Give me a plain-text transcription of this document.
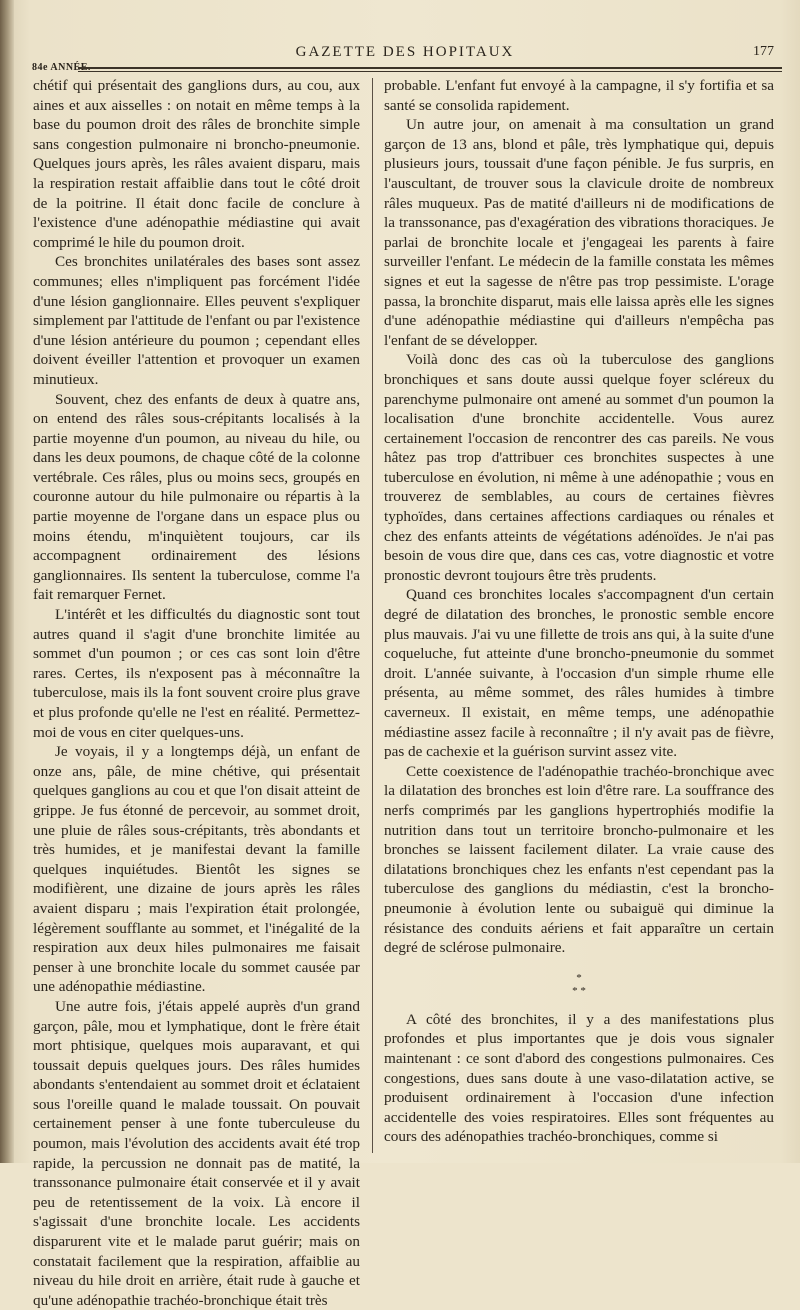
GAZETTE DES HOPITAUX	177
84e ANNÉE.

chétif qui présentait des ganglions durs, au cou, aux aines et aux aisselles : on notait en même temps à la base du poumon droit des râles de bronchite simple sans congestion pulmonaire ni broncho-pneumonie. Quelques jours après, les râles avaient disparu, mais la respiration restait affaiblie dans tout le côté droit de la poitrine. Il était donc facile de conclure à l'existence d'une adénopathie médiastine qui avait comprimé le hile du poumon droit.

Ces bronchites unilatérales des bases sont assez communes; elles n'impliquent pas forcément l'idée d'une lésion ganglionnaire. Elles peuvent s'expliquer simplement par l'attitude de l'enfant ou par l'existence d'une lésion antérieure du poumon ; cependant elles doivent éveiller l'attention et provoquer un examen minutieux.

Souvent, chez des enfants de deux à quatre ans, on entend des râles sous-crépitants localisés à la partie moyenne d'un poumon, au niveau du hile, ou dans les deux poumons, de chaque côté de la colonne vertébrale. Ces râles, plus ou moins secs, groupés en couronne autour du hile pulmonaire ou répartis à la partie moyenne de l'organe dans un espace plus ou moins étendu, m'inquiètent toujours, car ils accompagnent ordinairement des lésions ganglionnaires. Ils sentent la tuberculose, comme l'a fait remarquer Fernet.

L'intérêt et les difficultés du diagnostic sont tout autres quand il s'agit d'une bronchite limitée au sommet d'un poumon ; or ces cas sont loin d'être rares. Certes, ils n'exposent pas à méconnaître la tuberculose, mais ils la font souvent croire plus grave et plus profonde qu'elle ne l'est en réalité. Permettez-moi de vous en citer quelques-uns.

Je voyais, il y a longtemps déjà, un enfant de onze ans, pâle, de mine chétive, qui présentait quelques ganglions au cou et que l'on disait atteint de grippe. Je fus étonné de percevoir, au sommet droit, une pluie de râles sous-crépitants, très abondants et très humides, et je manifestai devant la famille quelques inquiétudes. Bientôt les signes se modifièrent, une dizaine de jours après les râles avaient disparu ; mais l'expiration était prolongée, légèrement soufflante au sommet, et l'inégalité de la respiration aux deux hiles pulmonaires me faisait penser à une bronchite locale du sommet causée par une adénopathie médiastine.

Une autre fois, j'étais appelé auprès d'un grand garçon, pâle, mou et lymphatique, dont le frère était mort phtisique, quelques mois auparavant, et qui toussait depuis quelques jours. Des râles humides abondants s'entendaient au sommet droit et éclataient sous l'oreille quand le malade toussait. On pouvait certainement penser à une fonte tuberculeuse du poumon, mais l'évolution des accidents avait été trop rapide, la percussion ne donnait pas de matité, la transsonance pulmonaire était conservée et il y avait peu de retentissement de la voix. Là encore il s'agissait d'une bronchite locale. Les accidents disparurent vite et le malade parut guérir; mais on constatait facilement que la respiration, affaiblie au niveau du hile droit en arrière, était rude à gauche et qu'une adénopathie trachéo-bronchique était très

probable. L'enfant fut envoyé à la campagne, il s'y fortifia et sa santé se consolida rapidement.

Un autre jour, on amenait à ma consultation un grand garçon de 13 ans, blond et pâle, très lymphatique qui, depuis plusieurs jours, toussait d'une façon pénible. Je fus surpris, en l'auscultant, de trouver sous la clavicule droite de nombreux râles muqueux. Pas de matité d'ailleurs ni de modifications de la transsonance, pas d'exagération des vibrations thoraciques. Je parlai de bronchite locale et j'engageai les parents à faire surveiller l'enfant. Le médecin de la famille constata les mêmes signes et eut la sagesse de n'être pas trop pessimiste. L'orage passa, la bronchite disparut, mais elle laissa après elle les signes d'une adénopathie médiastine qui d'ailleurs n'empêcha pas l'enfant de se développer.

Voilà donc des cas où la tuberculose des ganglions bronchiques et sans doute aussi quelque foyer scléreux du parenchyme pulmonaire ont amené au sommet d'un poumon la localisation d'une bronchite accidentelle. Vous aurez certainement l'occasion de rencontrer des cas pareils. Ne vous hâtez pas trop d'attribuer ces bronchites suspectes à une tuberculose en évolution, ni même à une adénopathie ; vous en trouverez de semblables, au cours de certaines fièvres typhoïdes, dans certaines affections cardiaques ou rénales et chez des enfants atteints de végétations adénoïdes. Je n'ai pas besoin de vous dire que, dans ces cas, votre diagnostic et votre pronostic devront toujours être très prudents.

Quand ces bronchites locales s'accompagnent d'un certain degré de dilatation des bronches, le pronostic semble encore plus mauvais. J'ai vu une fillette de trois ans qui, à la suite d'une coqueluche, fut atteinte d'une broncho-pneumonie du sommet droit. L'année suivante, à l'occasion d'un simple rhume elle présenta, au même sommet, des râles humides à timbre caverneux. Il existait, en même temps, une adénopathie médiastine assez facile à reconnaître ; il n'y avait pas de fièvre, pas de cachexie et la guérison survint assez vite.

Cette coexistence de l'adénopathie trachéo-bronchique avec la dilatation des bronches est loin d'être rare. La souffrance des nerfs comprimés par les ganglions hypertrophiés modifie la nutrition dans tout un territoire broncho-pulmonaire et les bronches se laissent facilement dilater. La vraie cause des dilatations bronchiques chez les enfants n'est cependant pas la tuberculose des ganglions du médiastin, c'est la broncho-pneumonie à évolution lente ou subaiguë qui diminue la résistance des conduits aériens et fait apparaître un certain degré de sclérose pulmonaire.

*
* *

A côté des bronchites, il y a des manifestations plus profondes et plus importantes que je dois vous signaler maintenant : ce sont d'abord des congestions pulmonaires. Ces congestions, dues sans doute à une vaso-dilatation active, se produisent ordinairement à l'occasion d'une infection accidentelle des voies respiratoires. Elles sont fréquentes au cours des adénopathies trachéo-bronchiques, comme si
